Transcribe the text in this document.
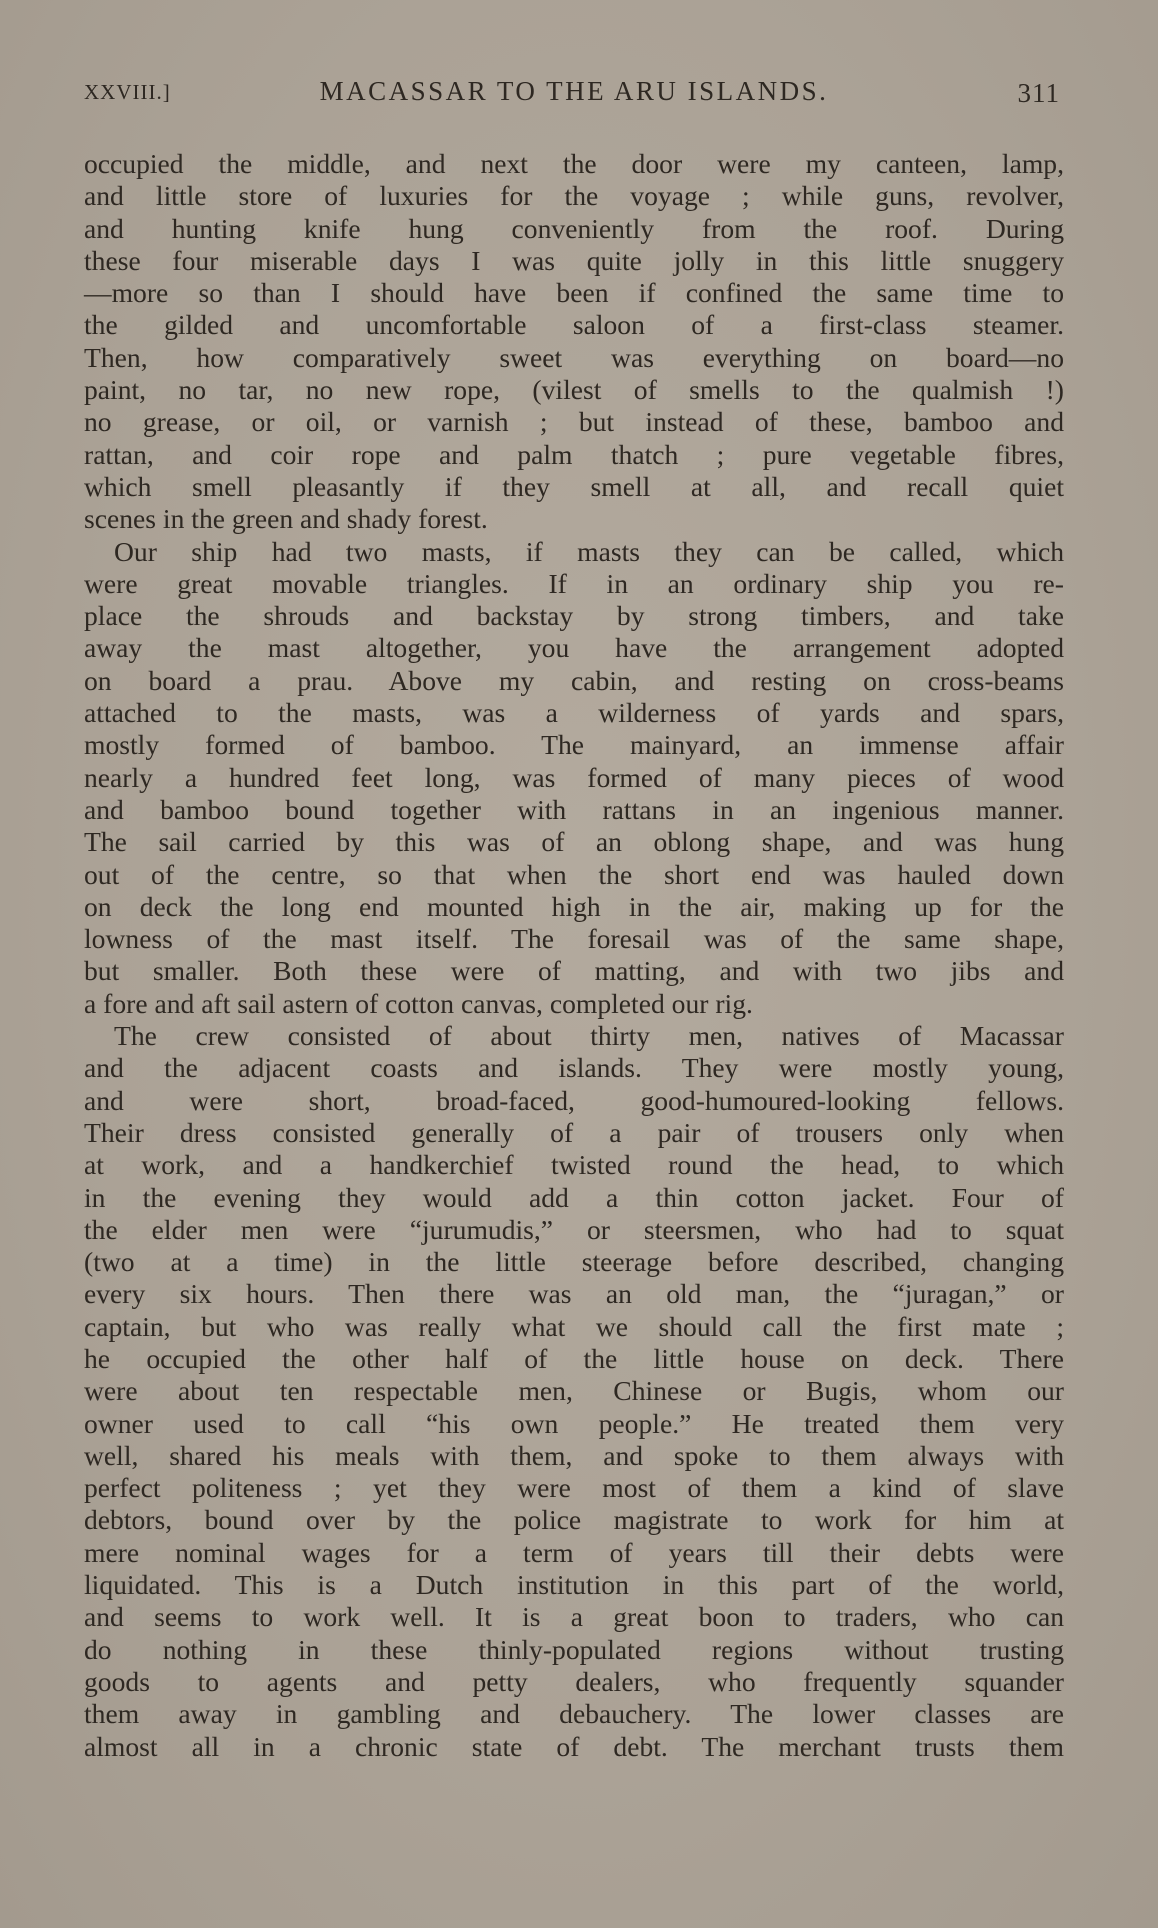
XXVIII.]	MACASSAR TO THE ARU ISLANDS.	311
occupied the middle, and next the door were my canteen, lamp,
and little store of luxuries for the voyage ; while guns, revolver,
and hunting knife hung conveniently from the roof. During
these four miserable days I was quite jolly in this little snuggery
—more so than I should have been if confined the same time to
the gilded and uncomfortable saloon of a first-class steamer.
Then, how comparatively sweet was everything on board—no
paint, no tar, no new rope, (vilest of smells to the qualmish !)
no grease, or oil, or varnish ; but instead of these, bamboo and
rattan, and coir rope and palm thatch ; pure vegetable fibres,
which smell pleasantly if they smell at all, and recall quiet
scenes in the green and shady forest.
Our ship had two masts, if masts they can be called, which
were great movable triangles. If in an ordinary ship you re-
place the shrouds and backstay by strong timbers, and take
away the mast altogether, you have the arrangement adopted
on board a prau. Above my cabin, and resting on cross-beams
attached to the masts, was a wilderness of yards and spars,
mostly formed of bamboo. The mainyard, an immense affair
nearly a hundred feet long, was formed of many pieces of wood
and bamboo bound together with rattans in an ingenious manner.
The sail carried by this was of an oblong shape, and was hung
out of the centre, so that when the short end was hauled down
on deck the long end mounted high in the air, making up for the
lowness of the mast itself. The foresail was of the same shape,
but smaller. Both these were of matting, and with two jibs and
a fore and aft sail astern of cotton canvas, completed our rig.
The crew consisted of about thirty men, natives of Macassar
and the adjacent coasts and islands. They were mostly young,
and were short, broad-faced, good-humoured-looking fellows.
Their dress consisted generally of a pair of trousers only when
at work, and a handkerchief twisted round the head, to which
in the evening they would add a thin cotton jacket. Four of
the elder men were “jurumudis,” or steersmen, who had to squat
(two at a time) in the little steerage before described, changing
every six hours. Then there was an old man, the “juragan,” or
captain, but who was really what we should call the first mate ;
he occupied the other half of the little house on deck. There
were about ten respectable men, Chinese or Bugis, whom our
owner used to call “his own people.” He treated them very
well, shared his meals with them, and spoke to them always with
perfect politeness ; yet they were most of them a kind of slave
debtors, bound over by the police magistrate to work for him at
mere nominal wages for a term of years till their debts were
liquidated. This is a Dutch institution in this part of the world,
and seems to work well. It is a great boon to traders, who can
do nothing in these thinly-populated regions without trusting
goods to agents and petty dealers, who frequently squander
them away in gambling and debauchery. The lower classes are
almost all in a chronic state of debt. The merchant trusts them
